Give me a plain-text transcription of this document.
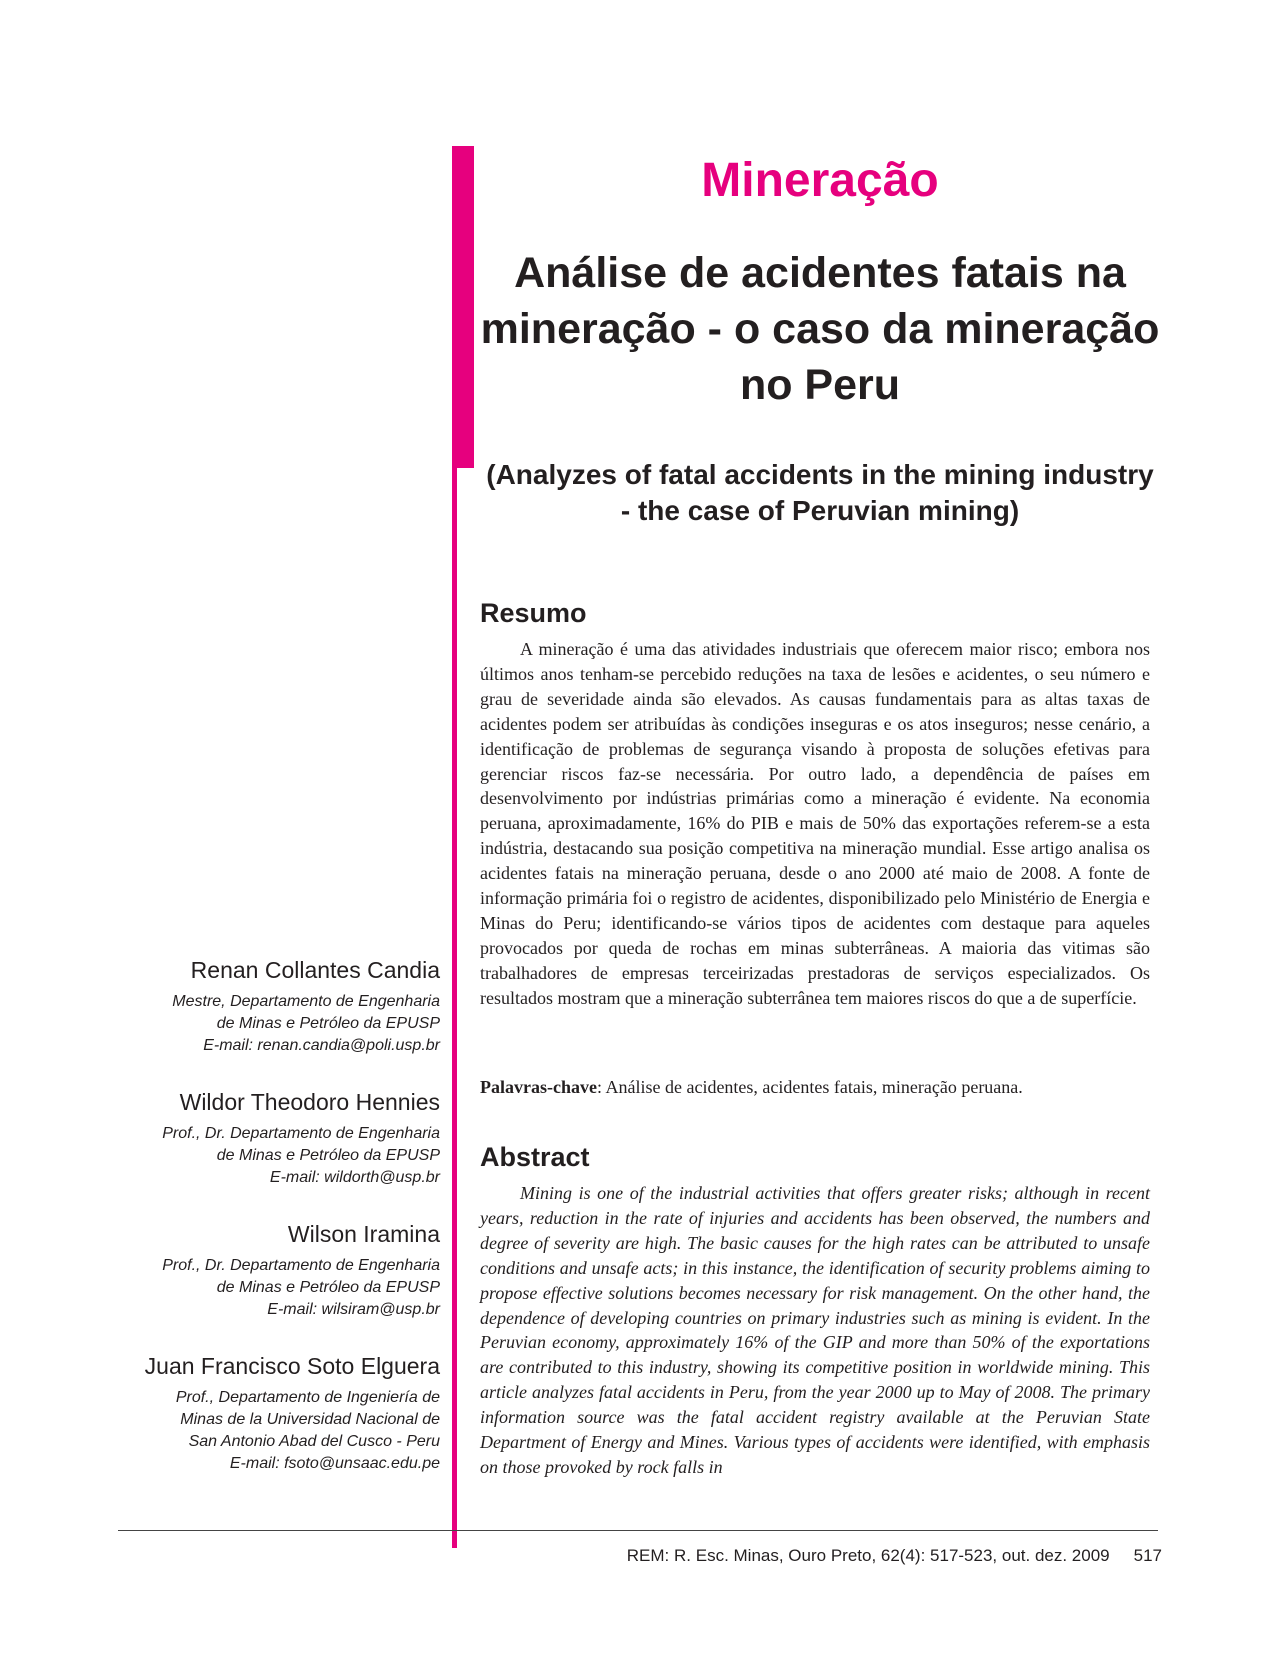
Mineração
Análise de acidentes fatais na mineração - o caso da mineração no Peru

(Analyzes of fatal accidents in the mining industry - the case of Peruvian mining)

Resumo

A mineração é uma das atividades industriais que oferecem maior risco; embora nos últimos anos tenham-se percebido reduções na taxa de lesões e acidentes, o seu número e grau de severidade ainda são elevados. As causas fundamentais para as altas taxas de acidentes podem ser atribuídas às condições inseguras e os atos inseguros; nesse cenário, a identificação de problemas de segurança visando à proposta de soluções efetivas para gerenciar riscos faz-se necessária. Por outro lado, a dependência de países em desenvolvimento por indústrias primárias como a mineração é evidente. Na economia peruana, aproximadamente, 16% do PIB e mais de 50% das exportações referem-se a esta indústria, destacando sua posição competitiva na mineração mundial. Esse artigo analisa os acidentes fatais na mineração peruana, desde o ano 2000 até maio de 2008. A fonte de informação primária foi o registro de acidentes, disponibilizado pelo Ministério de Energia e Minas do Peru; identificando-se vários tipos de acidentes com destaque para aqueles provocados por queda de rochas em minas subterrâneas. A maioria das vitimas são trabalhadores de empresas terceirizadas prestadoras de serviços especializados. Os resultados mostram que a mineração subterrânea tem maiores riscos do que a de superfície.

Palavras-chave: Análise de acidentes, acidentes fatais, mineração peruana.

Abstract

Mining is one of the industrial activities that offers greater risks; although in recent years, reduction in the rate of injuries and accidents has been observed, the numbers and degree of severity are high. The basic causes for the high rates can be attributed to unsafe conditions and unsafe acts; in this instance, the identification of security problems aiming to propose effective solutions becomes necessary for risk management. On the other hand, the dependence of developing countries on primary industries such as mining is evident. In the Peruvian economy, approximately 16% of the GIP and more than 50% of the exportations are contributed to this industry, showing its competitive position in worldwide mining. This article analyzes fatal accidents in Peru, from the year 2000 up to May of 2008. The primary information source was the fatal accident registry available at the Peruvian State Department of Energy and Mines. Various types of accidents were identified, with emphasis on those provoked by rock falls in

Renan Collantes Candia
Mestre, Departamento de Engenharia
de Minas e Petróleo da EPUSP
E-mail: renan.candia@poli.usp.br
Wildor Theodoro Hennies
Prof., Dr. Departamento de Engenharia
de Minas e Petróleo da EPUSP
E-mail: wildorth@usp.br
Wilson Iramina
Prof., Dr. Departamento de Engenharia
de Minas e Petróleo da EPUSP
E-mail: wilsiram@usp.br
Juan Francisco Soto Elguera
Prof., Departamento de Ingeniería de
Minas de la Universidad Nacional de
San Antonio Abad del Cusco - Peru
E-mail: fsoto@unsaac.edu.pe

REM: R. Esc. Minas, Ouro Preto, 62(4): 517-523, out. dez. 2009 517
